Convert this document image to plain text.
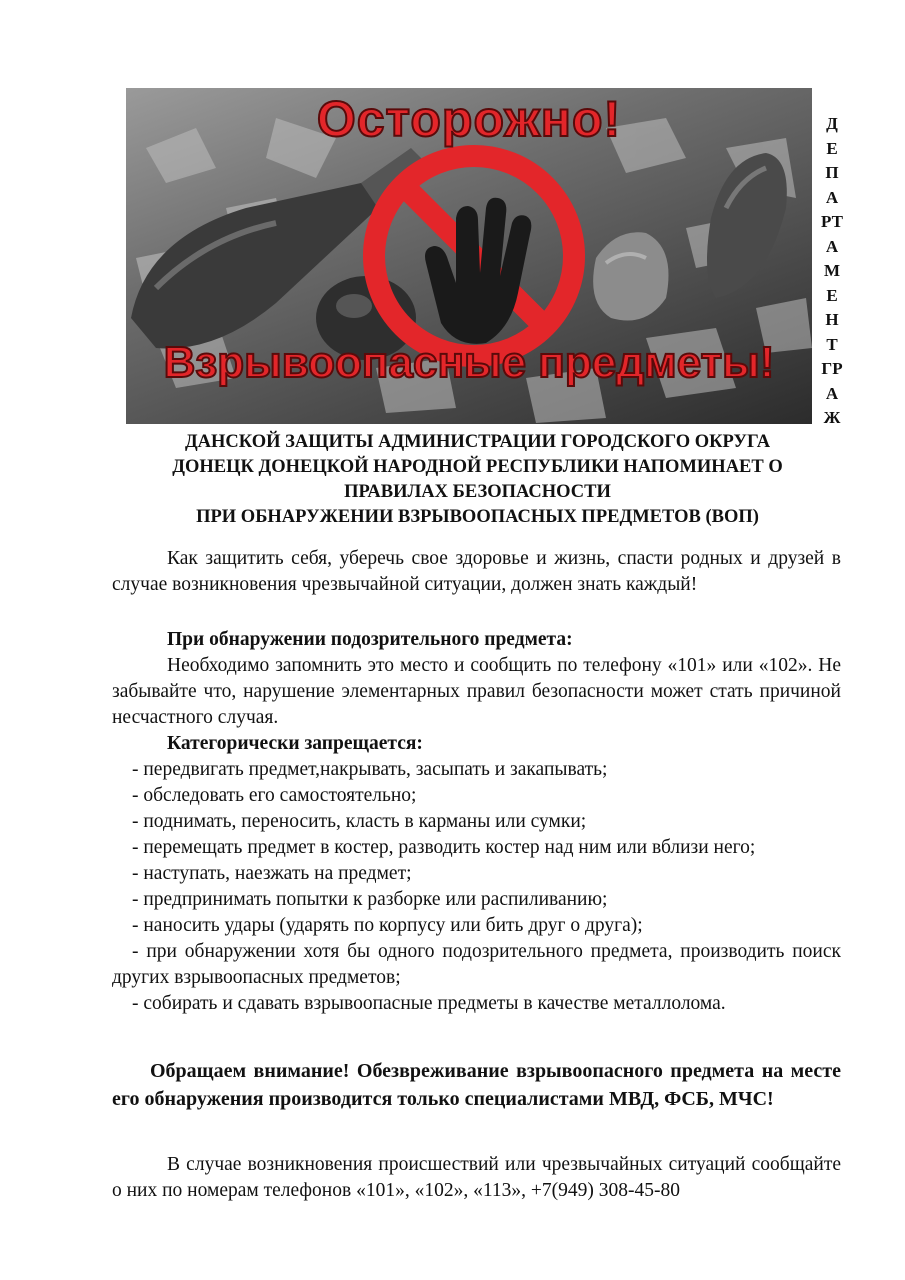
Осторожно!
Взрывоопасные предметы!
Д
Е
П
А
РТ
А
М
Е
Н
Т
ГР
А
Ж
ДАНСКОЙ ЗАЩИТЫ АДМИНИСТРАЦИИ ГОРОДСКОГО ОКРУГА
ДОНЕЦК ДОНЕЦКОЙ НАРОДНОЙ РЕСПУБЛИКИ НАПОМИНАЕТ О
ПРАВИЛАХ БЕЗОПАСНОСТИ
ПРИ ОБНАРУЖЕНИИ ВЗРЫВООПАСНЫХ ПРЕДМЕТОВ (ВОП)
Как защитить себя, уберечь свое здоровье и жизнь, спасти родных и друзей в случае возникновения чрезвычайной ситуации, должен знать каждый!
При обнаружении подозрительного предмета:
Необходимо запомнить это место и сообщить по телефону «101» или «102». Не забывайте что, нарушение элементарных правил безопасности может стать причиной несчастного случая.
Категорически запрещается:
- передвигать предмет,накрывать, засыпать и закапывать;
- обследовать его самостоятельно;
- поднимать, переносить, класть в карманы или сумки;
- перемещать предмет в костер, разводить костер над ним или вблизи него;
- наступать, наезжать на предмет;
- предпринимать попытки к разборке или распиливанию;
- наносить удары (ударять по корпусу или бить друг о друга);
- при обнаружении хотя бы одного подозрительного предмета, производить поиск других взрывоопасных предметов;
- собирать и сдавать взрывоопасные предметы в качестве металлолома.
Обращаем внимание! Обезвреживание взрывоопасного предмета на месте его обнаружения производится только специалистами МВД, ФСБ, МЧС!
В случае возникновения происшествий или чрезвычайных ситуаций сообщайте о них по номерам телефонов «101», «102», «113», +7(949) 308-45-80
